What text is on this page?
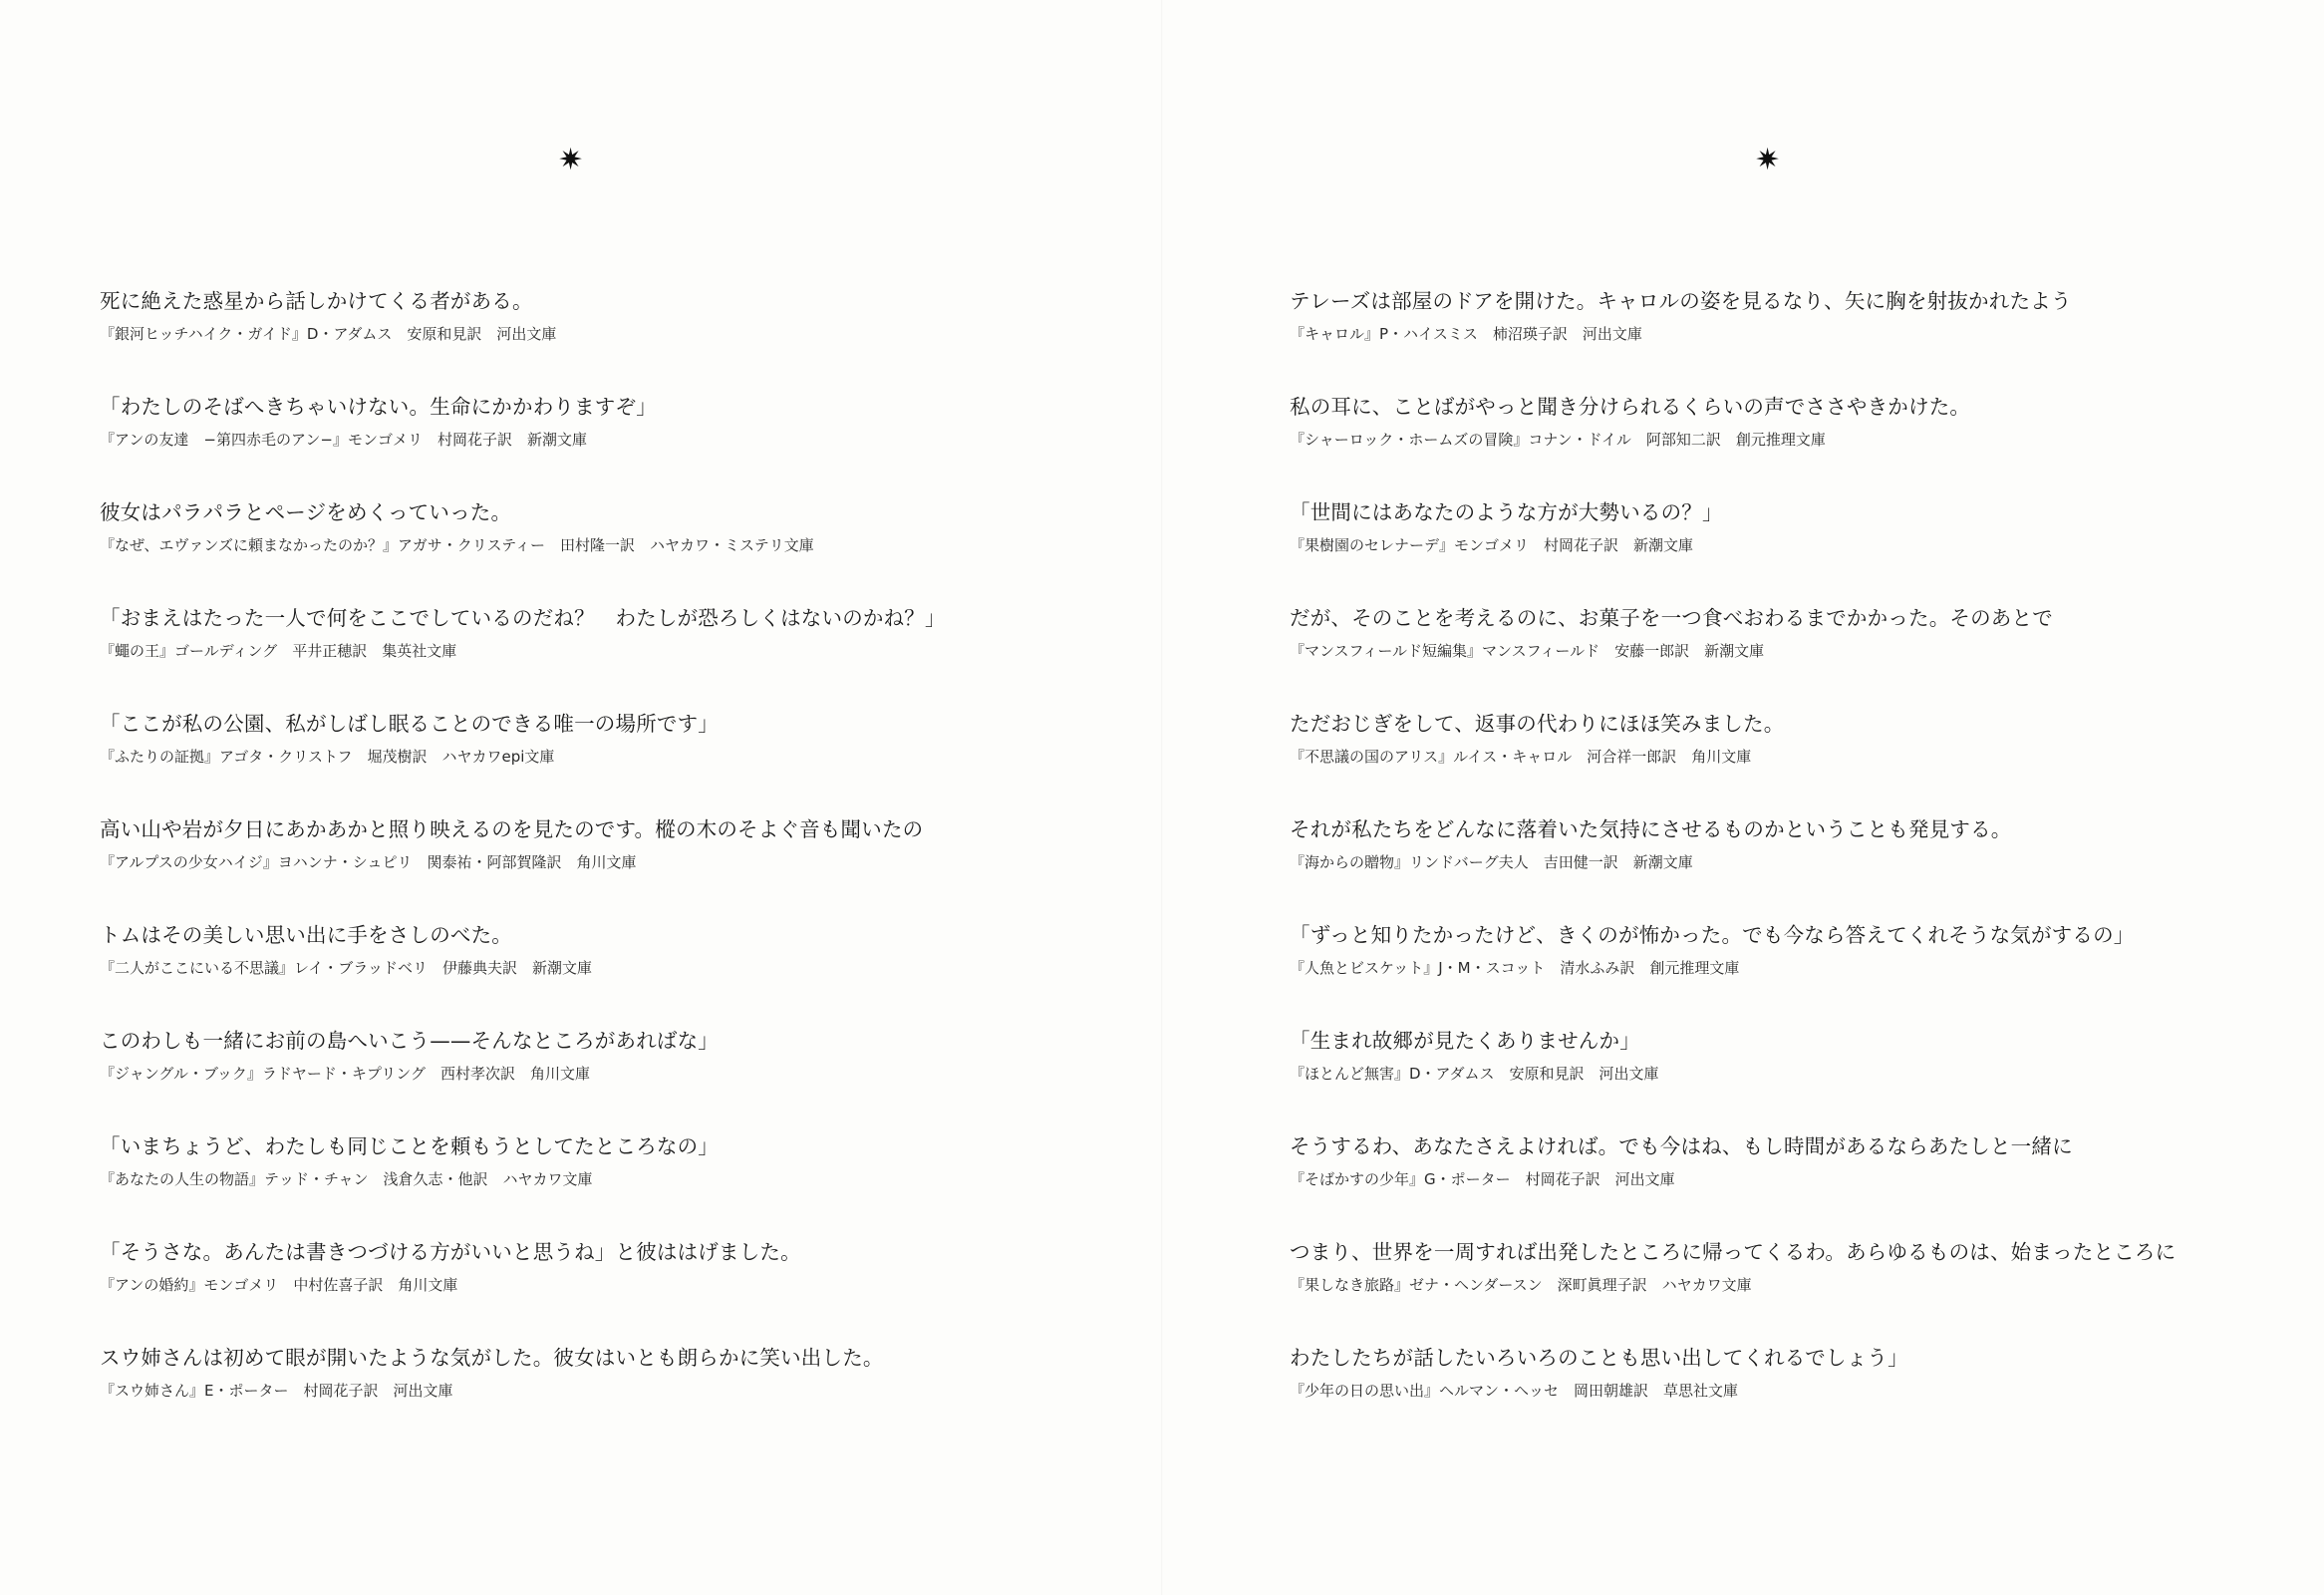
✷
死に絶えた惑星から話しかけてくる者がある。
『銀河ヒッチハイク・ガイド』D・アダムス　安原和見訳　河出文庫
「わたしのそばへきちゃいけない。生命にかかわりますぞ」
『アンの友達　−第四赤毛のアン−』モンゴメリ　村岡花子訳　新潮文庫
彼女はパラパラとページをめくっていった。
『なぜ、エヴァンズに頼まなかったのか？』アガサ・クリスティー　田村隆一訳　ハヤカワ・ミステリ文庫
「おまえはたった一人で何をここでしているのだね？　わたしが恐ろしくはないのかね？」
『蠅の王』ゴールディング　平井正穂訳　集英社文庫
「ここが私の公園、私がしばし眠ることのできる唯一の場所です」
『ふたりの証拠』アゴタ・クリストフ　堀茂樹訳　ハヤカワepi文庫
高い山や岩が夕日にあかあかと照り映えるのを見たのです。樅の木のそよぐ音も聞いたの
『アルプスの少女ハイジ』ヨハンナ・シュピリ　関泰祐・阿部賀隆訳　角川文庫
トムはその美しい思い出に手をさしのべた。
『二人がここにいる不思議』レイ・ブラッドベリ　伊藤典夫訳　新潮文庫
このわしも一緒にお前の島へいこう——そんなところがあればな」
『ジャングル・ブック』ラドヤード・キプリング　西村孝次訳　角川文庫
「いまちょうど、わたしも同じことを頼もうとしてたところなの」
『あなたの人生の物語』テッド・チャン　浅倉久志・他訳　ハヤカワ文庫
「そうさな。あんたは書きつづける方がいいと思うね」と彼ははげました。
『アンの婚約』モンゴメリ　中村佐喜子訳　角川文庫
スウ姉さんは初めて眼が開いたような気がした。彼女はいとも朗らかに笑い出した。
『スウ姉さん』E・ポーター　村岡花子訳　河出文庫
✷
テレーズは部屋のドアを開けた。キャロルの姿を見るなり、矢に胸を射抜かれたよう
『キャロル』P・ハイスミス　柿沼瑛子訳　河出文庫
私の耳に、ことばがやっと聞き分けられるくらいの声でささやきかけた。
『シャーロック・ホームズの冒険』コナン・ドイル　阿部知二訳　創元推理文庫
「世間にはあなたのような方が大勢いるの？」
『果樹園のセレナーデ』モンゴメリ　村岡花子訳　新潮文庫
だが、そのことを考えるのに、お菓子を一つ食べおわるまでかかった。そのあとで
『マンスフィールド短編集』マンスフィールド　安藤一郎訳　新潮文庫
ただおじぎをして、返事の代わりにほほ笑みました。
『不思議の国のアリス』ルイス・キャロル　河合祥一郎訳　角川文庫
それが私たちをどんなに落着いた気持にさせるものかということも発見する。
『海からの贈物』リンドバーグ夫人　吉田健一訳　新潮文庫
「ずっと知りたかったけど、きくのが怖かった。でも今なら答えてくれそうな気がするの」
『人魚とビスケット』J・M・スコット　清水ふみ訳　創元推理文庫
「生まれ故郷が見たくありませんか」
『ほとんど無害』D・アダムス　安原和見訳　河出文庫
そうするわ、あなたさえよければ。でも今はね、もし時間があるならあたしと一緒に
『そばかすの少年』G・ポーター　村岡花子訳　河出文庫
つまり、世界を一周すれば出発したところに帰ってくるわ。あらゆるものは、始まったところに
『果しなき旅路』ゼナ・ヘンダースン　深町眞理子訳　ハヤカワ文庫
わたしたちが話したいろいろのことも思い出してくれるでしょう」
『少年の日の思い出』ヘルマン・ヘッセ　岡田朝雄訳　草思社文庫
